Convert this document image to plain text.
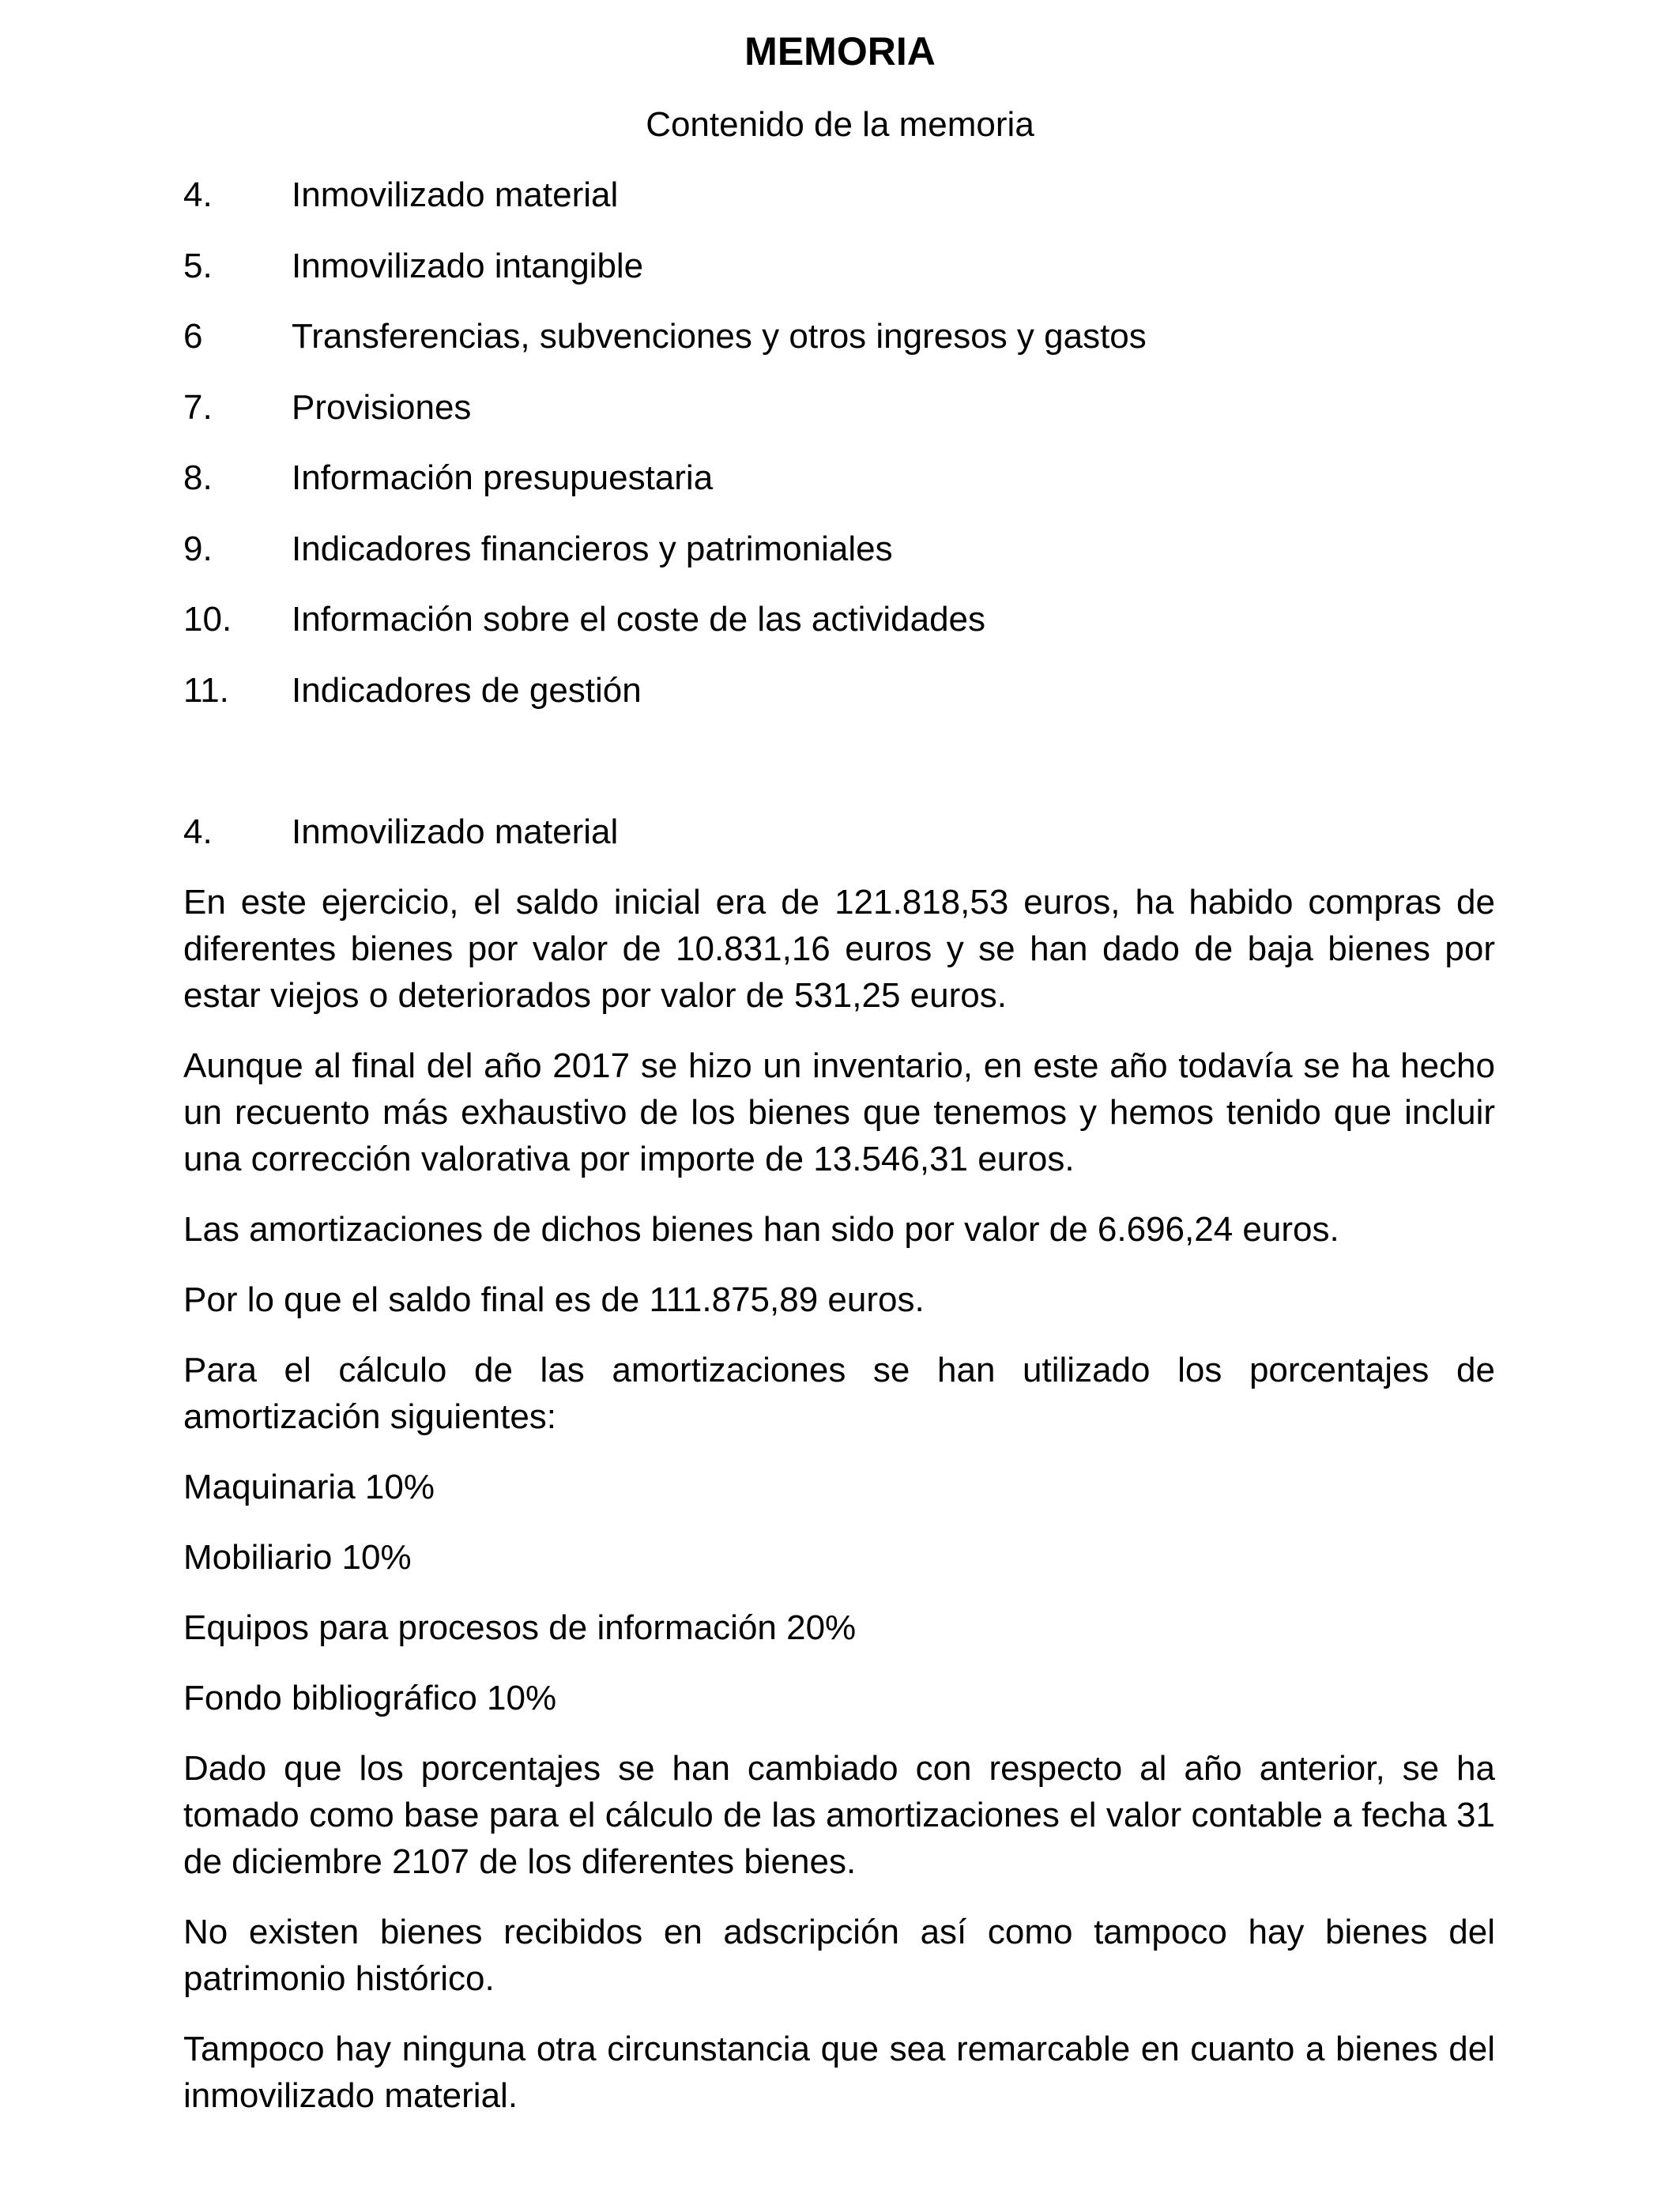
MEMORIA
Contenido de la memoria
4. Inmovilizado material
5. Inmovilizado intangible
6	Transferencias, subvenciones y otros ingresos y gastos
7. Provisiones
8. Información presupuestaria
9. Indicadores financieros y patrimoniales
10. Información sobre el coste de las actividades
11. Indicadores de gestión
4. Inmovilizado material

En este ejercicio, el saldo inicial era de 121.818,53 euros, ha habido compras de diferentes bienes por valor de 10.831,16 euros y se han dado de baja bienes por estar viejos o deteriorados por valor de 531,25 euros.

Aunque al final del año 2017 se hizo un inventario, en este año todavía se ha hecho un recuento más exhaustivo de los bienes que tenemos y hemos tenido que incluir una corrección valorativa por importe de 13.546,31 euros.

Las amortizaciones de dichos bienes han sido por valor de 6.696,24 euros.

Por lo que el saldo final es de 111.875,89 euros.

Para el cálculo de las amortizaciones se han utilizado los porcentajes de amortización siguientes:

Maquinaria 10%

Mobiliario 10%

Equipos para procesos de información 20%

Fondo bibliográfico 10%

Dado que los porcentajes se han cambiado con respecto al año anterior, se ha tomado como base para el cálculo de las amortizaciones el valor contable a fecha 31 de diciembre 2107 de los diferentes bienes.

No existen bienes recibidos en adscripción así como tampoco hay bienes del patrimonio histórico.

Tampoco hay ninguna otra circunstancia que sea remarcable en cuanto a bienes del inmovilizado material.
